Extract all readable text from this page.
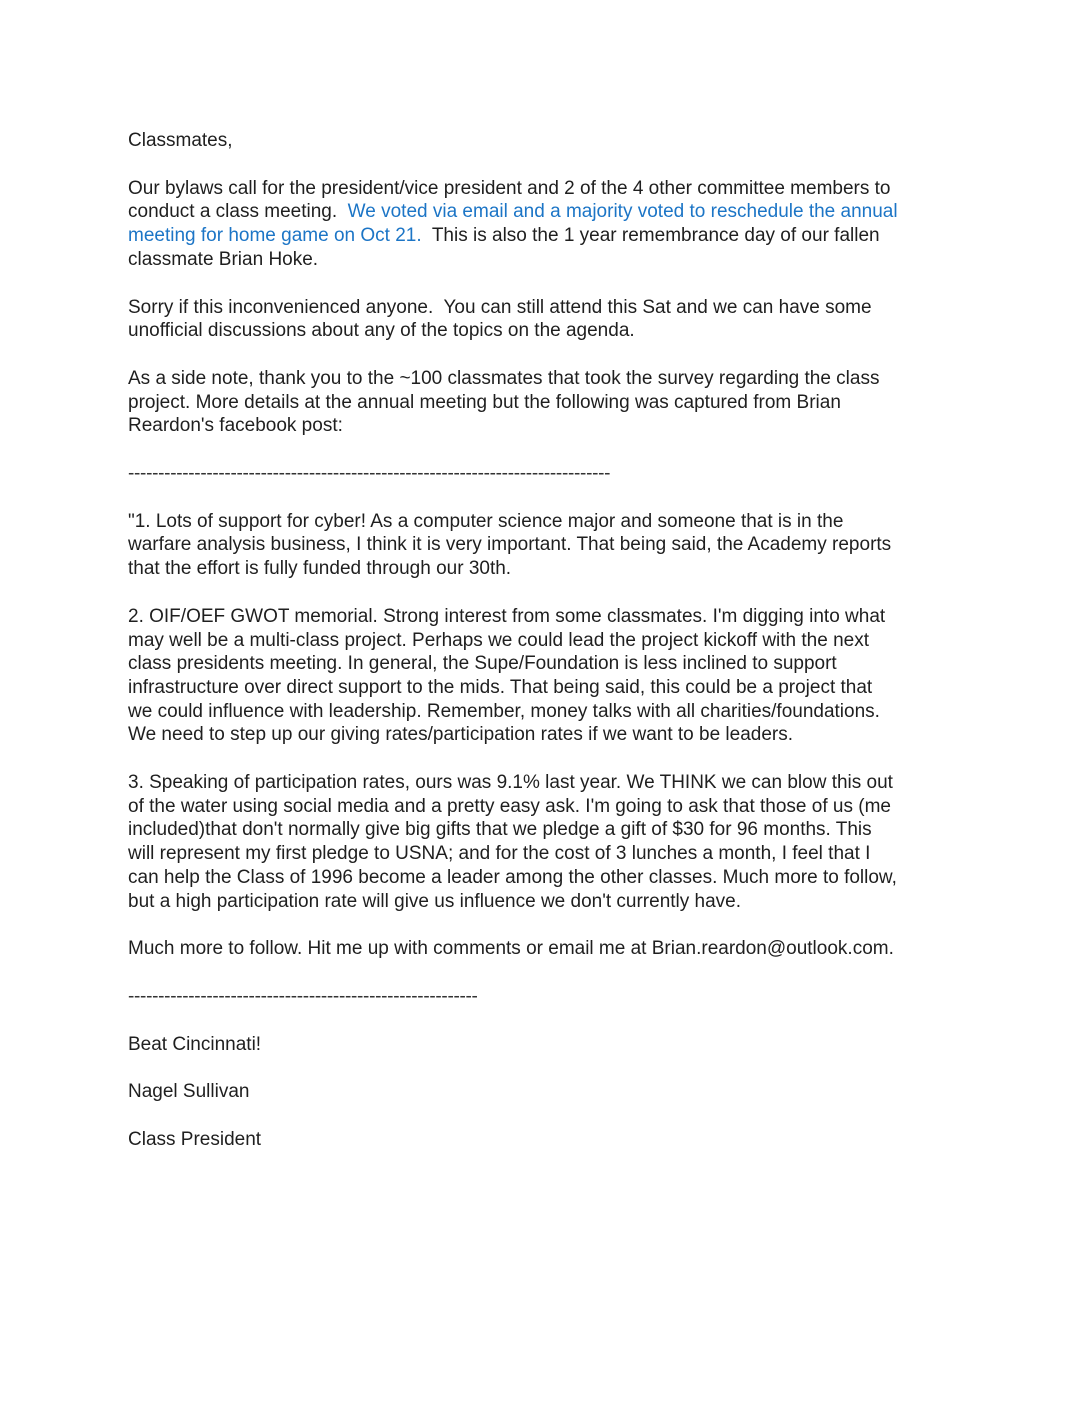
Classmates,

Our bylaws call for the president/vice president and 2 of the 4 other committee members to
conduct a class meeting.  We voted via email and a majority voted to reschedule the annual
meeting for home game on Oct 21.  This is also the 1 year remembrance day of our fallen
classmate Brian Hoke.

Sorry if this inconvenienced anyone.  You can still attend this Sat and we can have some
unofficial discussions about any of the topics on the agenda.

As a side note, thank you to the ~100 classmates that took the survey regarding the class
project. More details at the annual meeting but the following was captured from Brian
Reardon's facebook post:

--------------------------------------------------------------------------------

"1. Lots of support for cyber! As a computer science major and someone that is in the
warfare analysis business, I think it is very important. That being said, the Academy reports
that the effort is fully funded through our 30th.

2. OIF/OEF GWOT memorial. Strong interest from some classmates. I'm digging into what
may well be a multi-class project. Perhaps we could lead the project kickoff with the next
class presidents meeting. In general, the Supe/Foundation is less inclined to support
infrastructure over direct support to the mids. That being said, this could be a project that
we could influence with leadership. Remember, money talks with all charities/foundations.
We need to step up our giving rates/participation rates if we want to be leaders.

3. Speaking of participation rates, ours was 9.1% last year. We THINK we can blow this out
of the water using social media and a pretty easy ask. I'm going to ask that those of us (me
included)that don't normally give big gifts that we pledge a gift of $30 for 96 months. This
will represent my first pledge to USNA; and for the cost of 3 lunches a month, I feel that I
can help the Class of 1996 become a leader among the other classes. Much more to follow,
but a high participation rate will give us influence we don't currently have.

Much more to follow. Hit me up with comments or email me at Brian.reardon@outlook.com.

----------------------------------------------------------

Beat Cincinnati!

Nagel Sullivan

Class President
